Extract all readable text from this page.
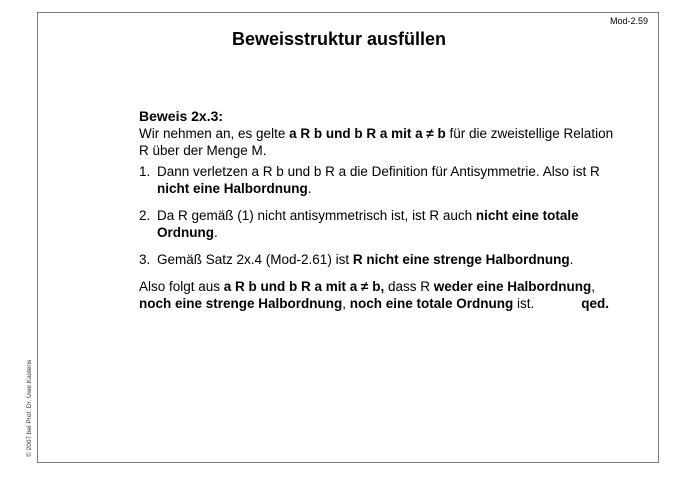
Mod-2.59
© 2007 bei Prof. Dr. Uwe Kastens
Beweisstruktur ausfüllen
Beweis 2x.3:
Wir nehmen an, es gelte a R b und b R a mit a ≠ b für die zweistellige Relation R über der Menge M.
1. Dann verletzen a R b und b R a die Definition für Antisymmetrie. Also ist R nicht eine Halbordnung.
2. Da R gemäß (1) nicht antisymmetrisch ist, ist R auch nicht eine totale Ordnung.
3. Gemäß Satz 2x.4 (Mod-2.61) ist R nicht eine strenge Halbordnung.
Also folgt aus a R b und b R a mit a ≠ b, dass R weder eine Halbordnung, noch eine strenge Halbordnung, noch eine totale Ordnung ist.	qed.
